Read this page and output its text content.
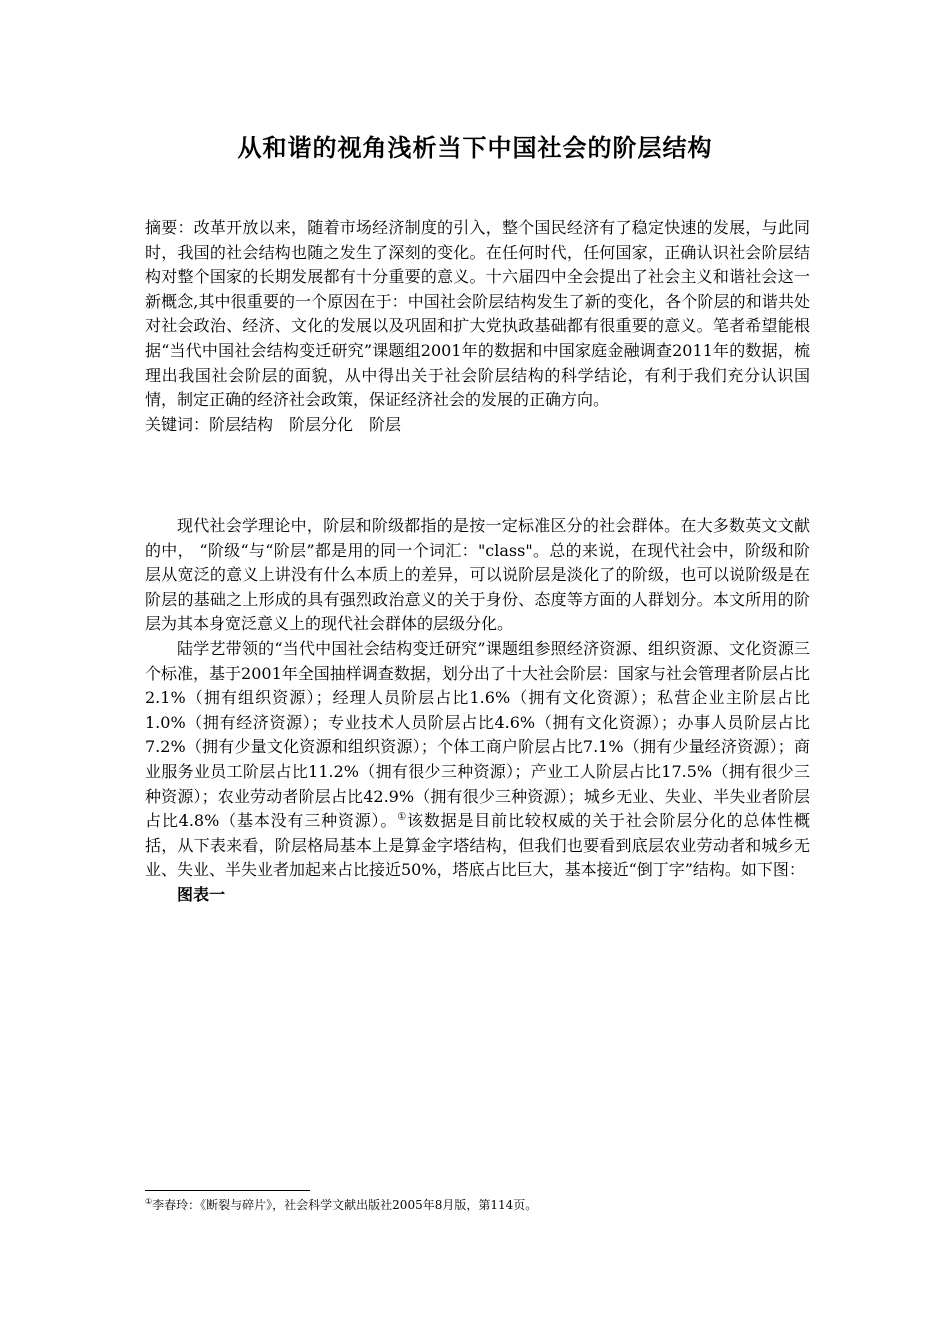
从和谐的视角浅析当下中国社会的阶层结构

摘要：改革开放以来，随着市场经济制度的引入，整个国民经济有了稳定快速的发展，与此同时，我国的社会结构也随之发生了深刻的变化。在任何时代，任何国家，正确认识社会阶层结构对整个国家的长期发展都有十分重要的意义。十六届四中全会提出了社会主义和谐社会这一新概念,其中很重要的一个原因在于：中国社会阶层结构发生了新的变化，各个阶层的和谐共处对社会政治、经济、文化的发展以及巩固和扩大党执政基础都有很重要的意义。笔者希望能根据“当代中国社会结构变迁研究”课题组2001年的数据和中国家庭金融调查2011年的数据，梳理出我国社会阶层的面貌，从中得出关于社会阶层结构的科学结论，有利于我们充分认识国情，制定正确的经济社会政策，保证经济社会的发展的正确方向。

关键词：阶层结构　阶层分化　阶层

现代社会学理论中，阶层和阶级都指的是按一定标准区分的社会群体。在大多数英文文献的中， “阶级“与“阶层”都是用的同一个词汇："class"。总的来说，在现代社会中，阶级和阶层从宽泛的意义上讲没有什么本质上的差异，可以说阶层是淡化了的阶级，也可以说阶级是在阶层的基础之上形成的具有强烈政治意义的关于身份、态度等方面的人群划分。本文所用的阶层为其本身宽泛意义上的现代社会群体的层级分化。

陆学艺带领的“当代中国社会结构变迁研究”课题组参照经济资源、组织资源、文化资源三个标准，基于2001年全国抽样调查数据，划分出了十大社会阶层：国家与社会管理者阶层占比2.1%（拥有组织资源）；经理人员阶层占比1.6%（拥有文化资源）；私营企业主阶层占比1.0%（拥有经济资源）；专业技术人员阶层占比4.6%（拥有文化资源）；办事人员阶层占比7.2%（拥有少量文化资源和组织资源）；个体工商户阶层占比7.1%（拥有少量经济资源）；商业服务业员工阶层占比11.2%（拥有很少三种资源）；产业工人阶层占比17.5%（拥有很少三种资源）；农业劳动者阶层占比42.9%（拥有很少三种资源）；城乡无业、失业、半失业者阶层占比4.8%（基本没有三种资源）。①该数据是目前比较权威的关于社会阶层分化的总体性概括，从下表来看，阶层格局基本上是算金字塔结构，但我们也要看到底层农业劳动者和城乡无业、失业、半失业者加起来占比接近50%，塔底占比巨大，基本接近“倒丁字”结构。如下图：

图表一

①李春玲：《断裂与碎片》，社会科学文献出版社2005年8月版，第114页。
